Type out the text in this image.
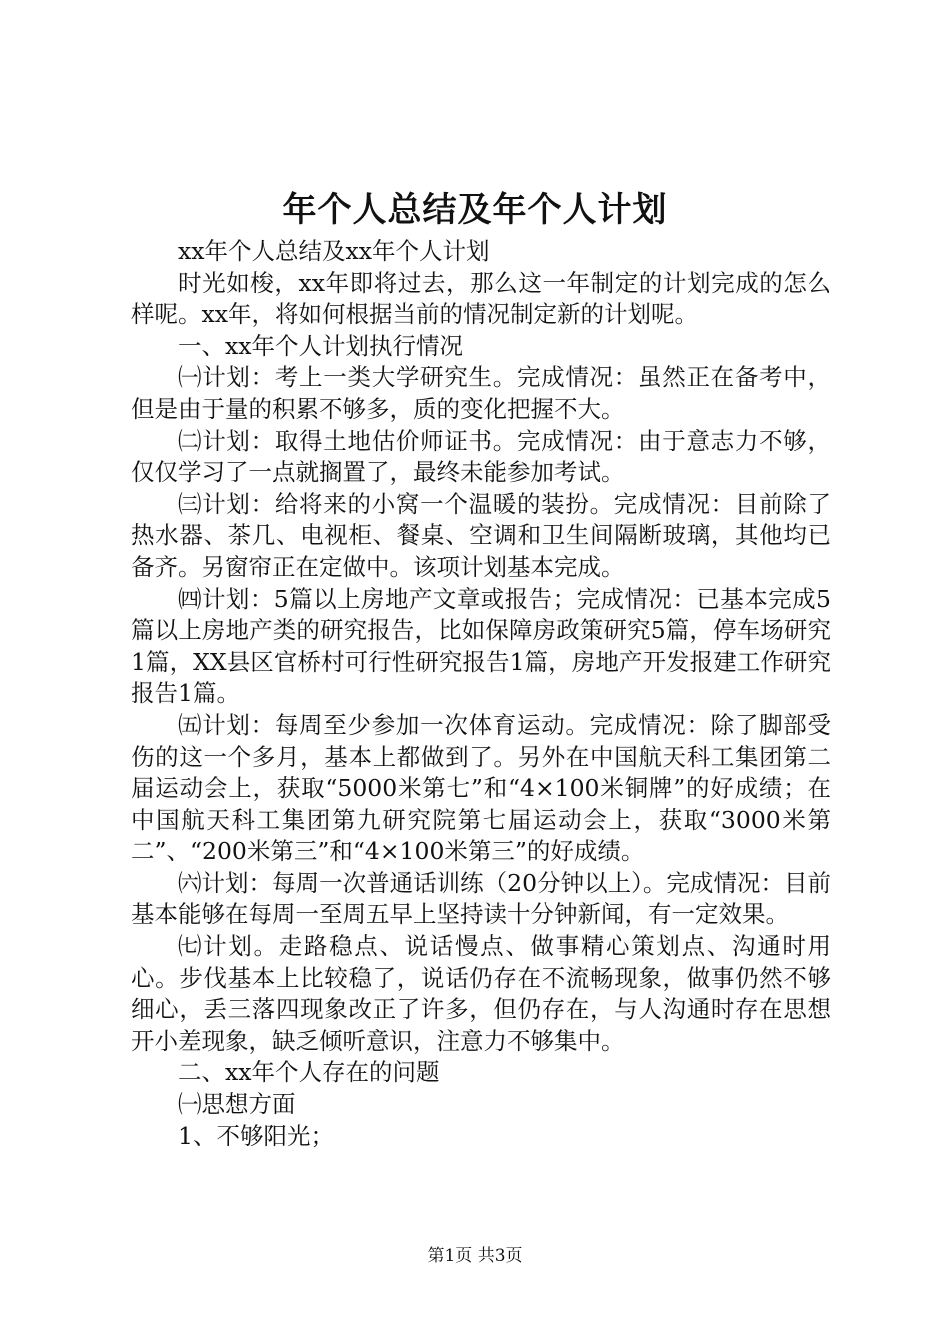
年个人总结及年个人计划

xx年个人总结及xx年个人计划

时光如梭，xx年即将过去，那么这一年制定的计划完成的怎么样呢。xx年，将如何根据当前的情况制定新的计划呢。

一、xx年个人计划执行情况

㈠计划：考上一类大学研究生。完成情况：虽然正在备考中，但是由于量的积累不够多，质的变化把握不大。

㈡计划：取得土地估价师证书。完成情况：由于意志力不够，仅仅学习了一点就搁置了，最终未能参加考试。

㈢计划：给将来的小窝一个温暖的装扮。完成情况：目前除了热水器、茶几、电视柜、餐桌、空调和卫生间隔断玻璃，其他均已备齐。另窗帘正在定做中。该项计划基本完成。

㈣计划：5篇以上房地产文章或报告；完成情况：已基本完成5篇以上房地产类的研究报告，比如保障房政策研究5篇，停车场研究1篇，XX县区官桥村可行性研究报告1篇，房地产开发报建工作研究报告1篇。

㈤计划：每周至少参加一次体育运动。完成情况：除了脚部受伤的这一个多月，基本上都做到了。另外在中国航天科工集团第二届运动会上，获取“5000米第七”和“4×100米铜牌”的好成绩；在中国航天科工集团第九研究院第七届运动会上，获取“3000米第二”、“200米第三”和“4×100米第三”的好成绩。

㈥计划：每周一次普通话训练（20分钟以上）。完成情况：目前基本能够在每周一至周五早上坚持读十分钟新闻，有一定效果。

㈦计划。走路稳点、说话慢点、做事精心策划点、沟通时用心。步伐基本上比较稳了，说话仍存在不流畅现象，做事仍然不够细心，丢三落四现象改正了许多，但仍存在，与人沟通时存在思想开小差现象，缺乏倾听意识，注意力不够集中。

二、xx年个人存在的问题

㈠思想方面

1、不够阳光；

第1页 共3页
